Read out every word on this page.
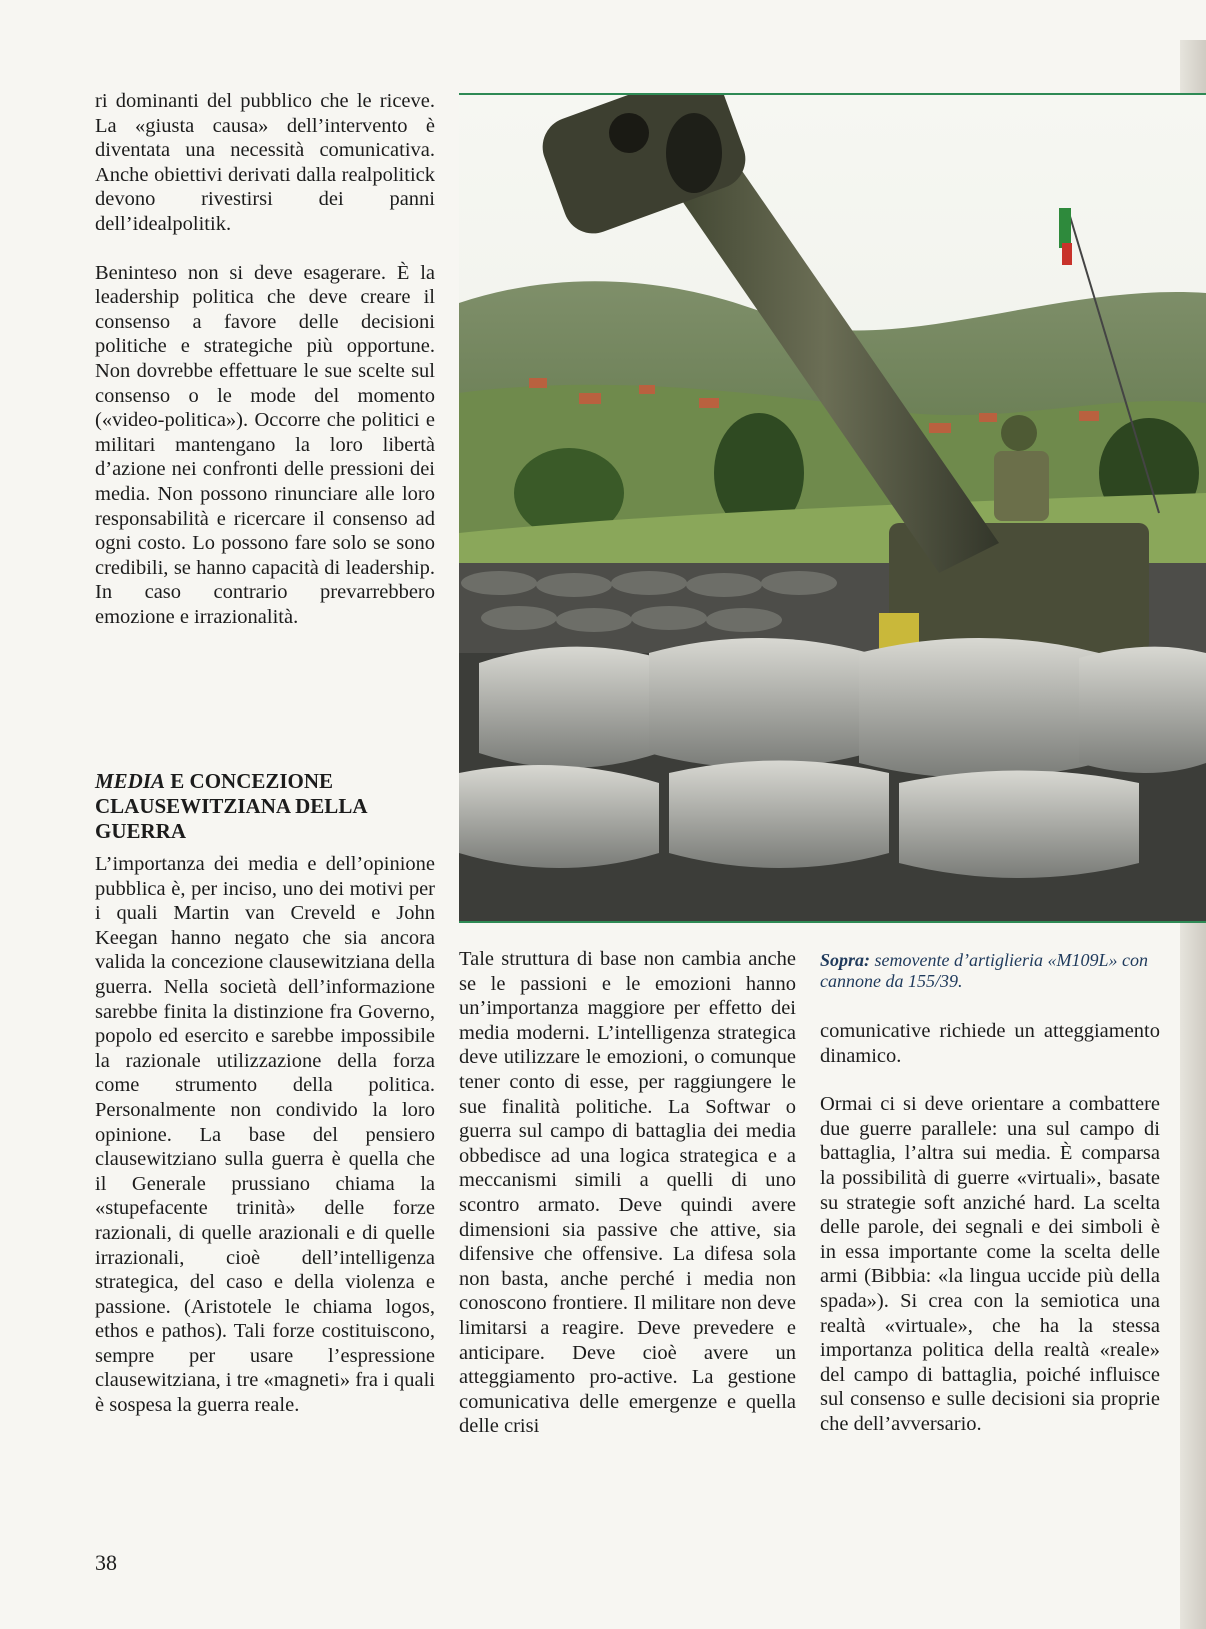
ri dominanti del pubblico che le riceve. La «giusta causa» dell’intervento è diventata una necessità comunicativa. Anche obiettivi derivati dalla realpolitick devono rivestirsi dei panni dell’idealpolitik.

Beninteso non si deve esagerare. È la leadership politica che deve creare il consenso a favore delle decisioni politiche e strategiche più opportune. Non dovrebbe effettuare le sue scelte sul consenso o le mode del momento («video-politica»). Occorre che politici e militari mantengano la loro libertà d’azione nei confronti delle pressioni dei media. Non possono rinunciare alle loro responsabilità e ricercare il consenso ad ogni costo. Lo possono fare solo se sono credibili, se hanno capacità di leadership. In caso contrario prevarrebbero emozione e irrazionalità.

MEDIA E CONCEZIONE CLAUSEWITZIANA DELLA GUERRA

L’importanza dei media e dell’opinione pubblica è, per inciso, uno dei motivi per i quali Martin van Creveld e John Keegan hanno negato che sia ancora valida la concezione clausewitziana della guerra. Nella società dell’informazione sarebbe finita la distinzione fra Governo, popolo ed esercito e sarebbe impossibile la razionale utilizzazione della forza come strumento della politica. Personalmente non condivido la loro opinione. La base del pensiero clausewitziano sulla guerra è quella che il Generale prussiano chiama la «stupefacente trinità» delle forze razionali, di quelle arazionali e di quelle irrazionali, cioè dell’intelligenza strategica, del caso e della violenza e passione. (Aristotele le chiama logos, ethos e pathos). Tali forze costituiscono, sempre per usare l’espressione clausewitziana, i tre «magneti» fra i quali è sospesa la guerra reale.

Sopra: semovente d’artiglieria «M109L» con cannone da 155/39.

Tale struttura di base non cambia anche se le passioni e le emozioni hanno un’importanza maggiore per effetto dei media moderni. L’intelligenza strategica deve utilizzare le emozioni, o comunque tener conto di esse, per raggiungere le sue finalità politiche. La Softwar o guerra sul campo di battaglia dei media obbedisce ad una logica strategica e a meccanismi simili a quelli di uno scontro armato. Deve quindi avere dimensioni sia passive che attive, sia difensive che offensive. La difesa sola non basta, anche perché i media non conoscono frontiere. Il militare non deve limitarsi a reagire. Deve prevedere e anticipare. Deve cioè avere un atteggiamento pro-active. La gestione comunicativa delle emergenze e quella delle crisi

comunicative richiede un atteggiamento dinamico.

Ormai ci si deve orientare a combattere due guerre parallele: una sul campo di battaglia, l’altra sui media. È comparsa la possibilità di guerre «virtuali», basate su strategie soft anziché hard. La scelta delle parole, dei segnali e dei simboli è in essa importante come la scelta delle armi (Bibbia: «la lingua uccide più della spada»). Si crea con la semiotica una realtà «virtuale», che ha la stessa importanza politica della realtà «reale» del campo di battaglia, poiché influisce sul consenso e sulle decisioni sia proprie che dell’avversario.

38
